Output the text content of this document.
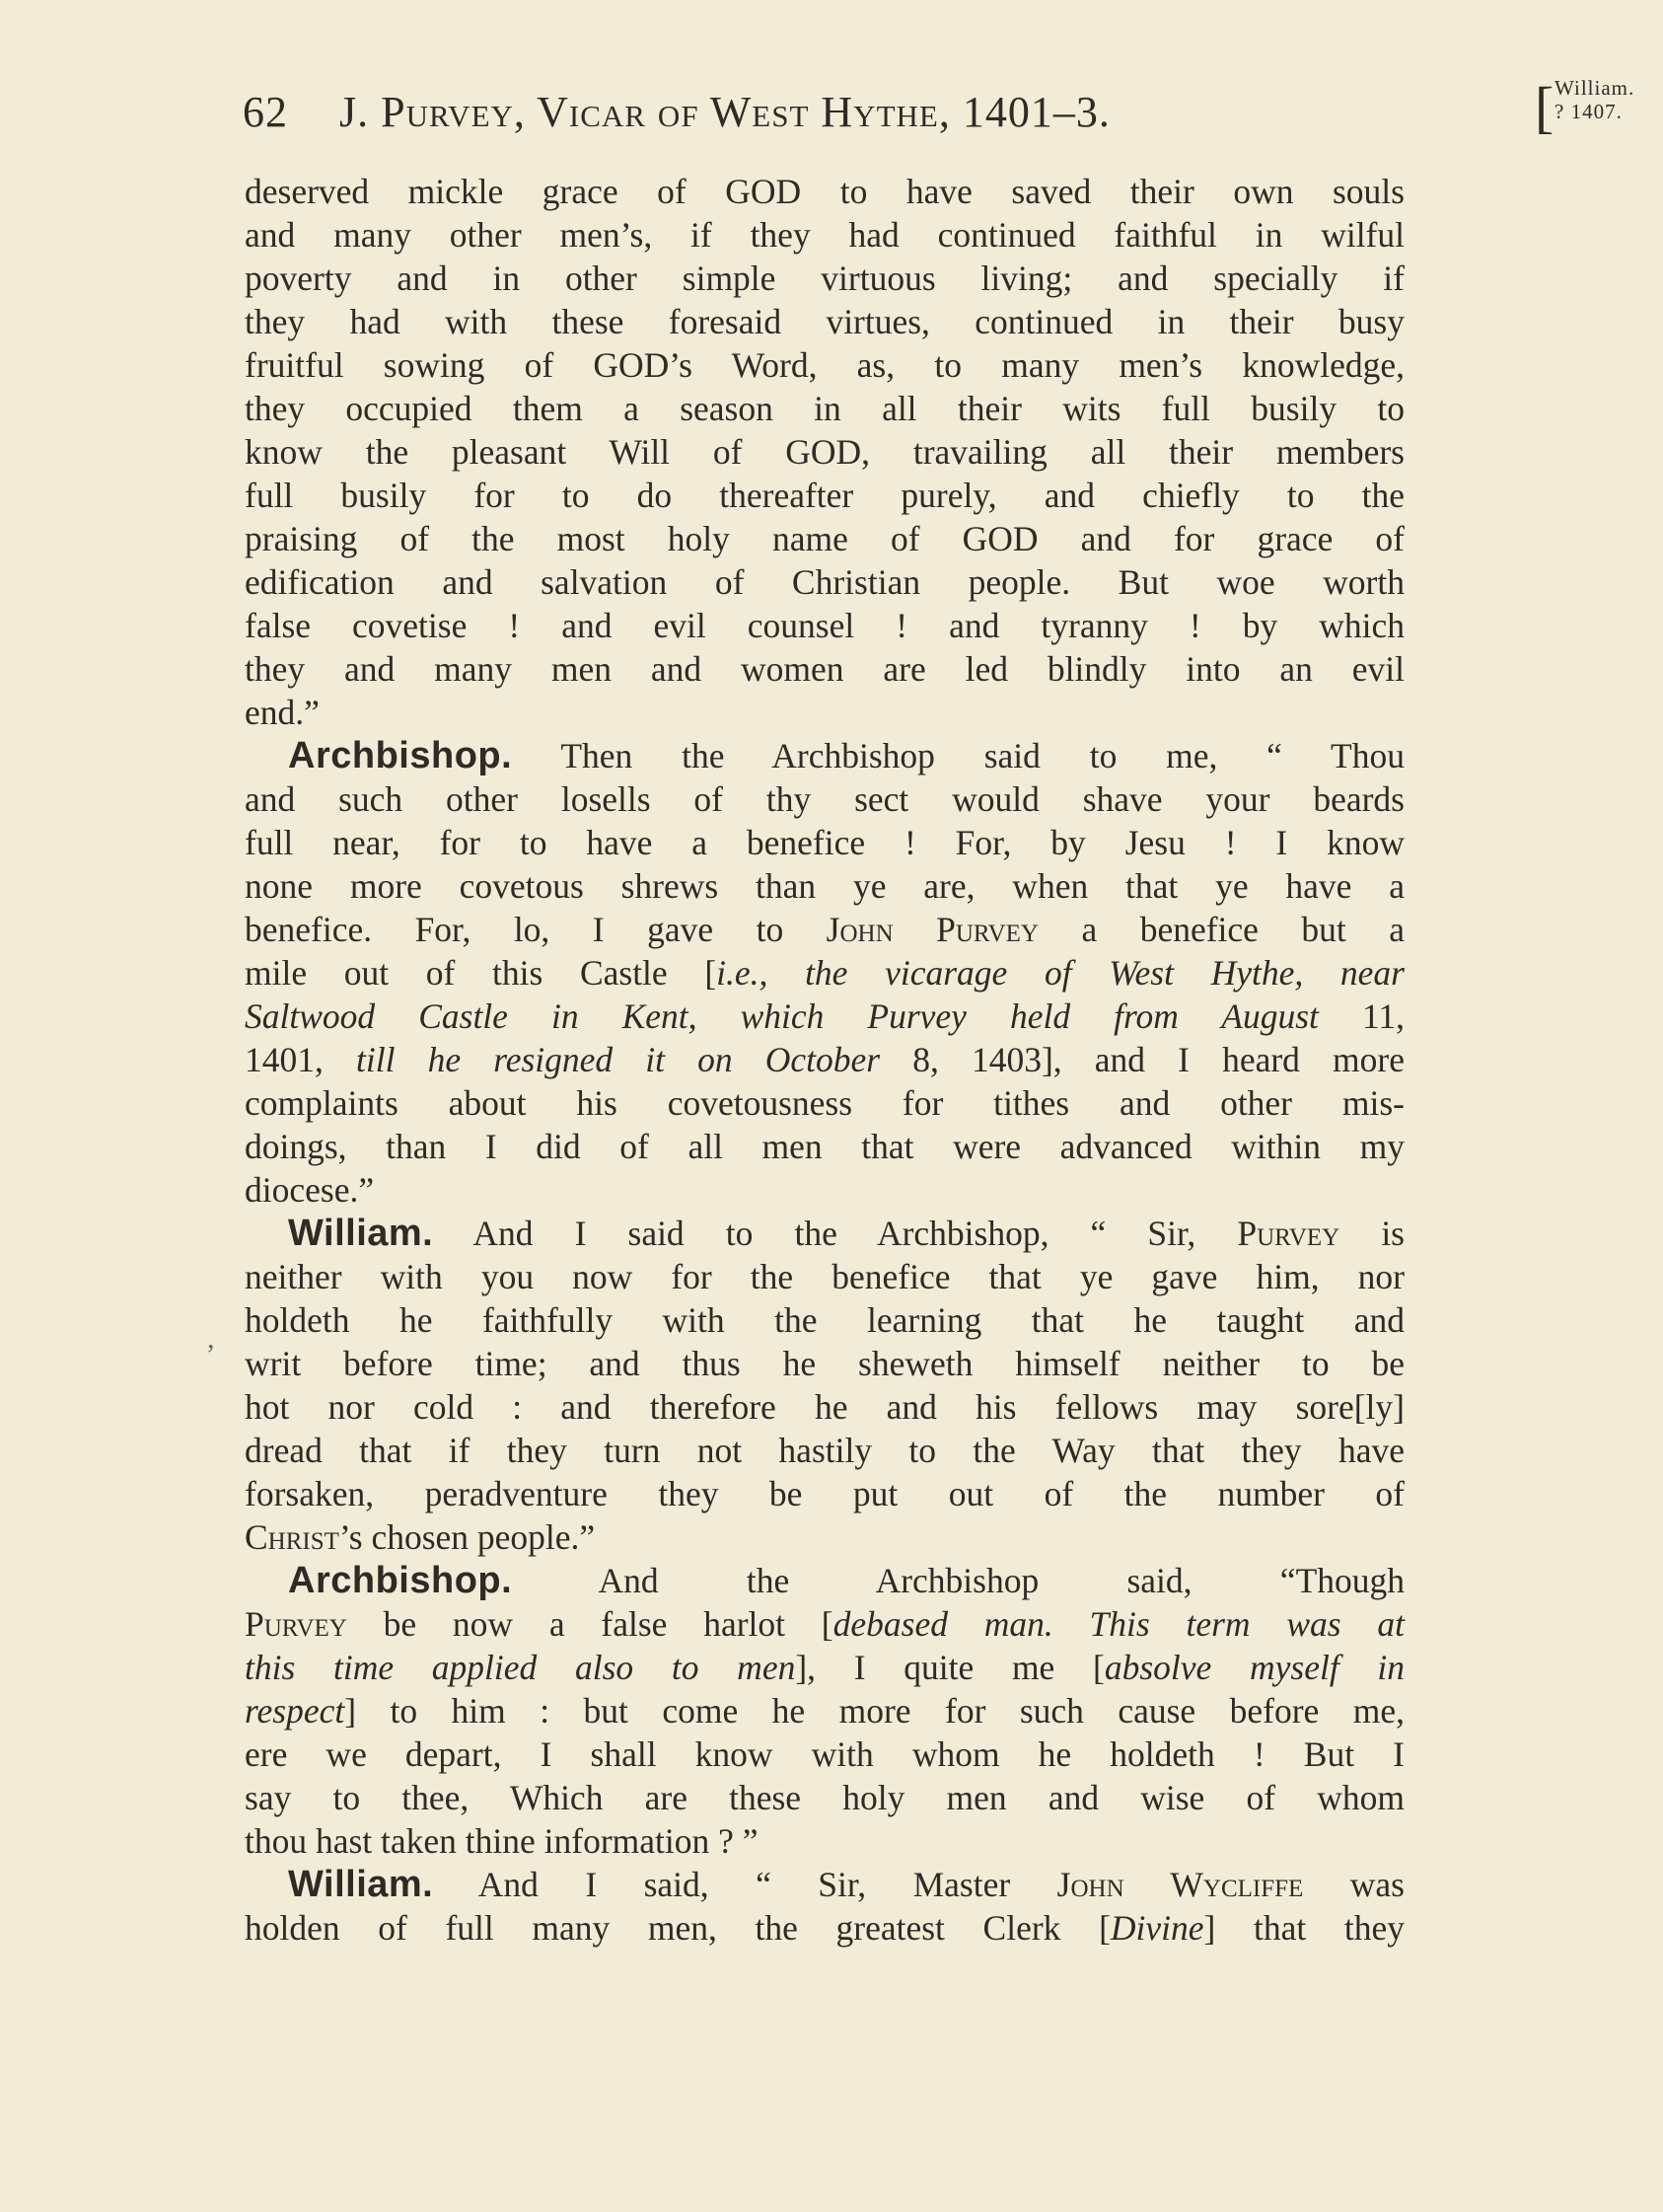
62 J. Purvey, Vicar of West Hythe, 1401–3.	[ William.
? 1407.
deserved mickle grace of GOD to have saved their own souls
and many other men’s, if they had continued faithful in wilful
poverty and in other simple virtuous living; and specially if
they had with these foresaid virtues, continued in their busy
fruitful sowing of GOD’s Word, as, to many men’s knowledge,
they occupied them a season in all their wits full busily to
know the pleasant Will of GOD, travailing all their members
full busily for to do thereafter purely, and chiefly to the
praising of the most holy name of GOD and for grace of
edification and salvation of Christian people. But woe worth
false covetise ! and evil counsel ! and tyranny ! by which
they and many men and women are led blindly into an evil
end.”
Archbishop. Then the Archbishop said to me, “ Thou
and such other losells of thy sect would shave your beards
full near, for to have a benefice ! For, by Jesu ! I know
none more covetous shrews than ye are, when that ye have a
benefice. For, lo, I gave to John Purvey a benefice but a
mile out of this Castle [i.e., the vicarage of West Hythe, near
Saltwood Castle in Kent, which Purvey held from August 11,
1401, till he resigned it on October 8, 1403], and I heard more
complaints about his covetousness for tithes and other mis-
doings, than I did of all men that were advanced within my
diocese.”
William. And I said to the Archbishop, “ Sir, Purvey is
neither with you now for the benefice that ye gave him, nor
holdeth he faithfully with the learning that he taught and
writ before time; and thus he sheweth himself neither to be
hot nor cold : and therefore he and his fellows may sore[ly]
dread that if they turn not hastily to the Way that they have
forsaken, peradventure they be put out of the number of
Christ’s chosen people.”
Archbishop. And the Archbishop said, “Though
Purvey be now a false harlot [debased man. This term was at
this time applied also to men], I quite me [absolve myself in
respect] to him : but come he more for such cause before me,
ere we depart, I shall know with whom he holdeth ! But I
say to thee, Which are these holy men and wise of whom
thou hast taken thine information ? ”
William. And I said, “ Sir, Master John Wycliffe was
holden of full many men, the greatest Clerk [Divine] that they
,
